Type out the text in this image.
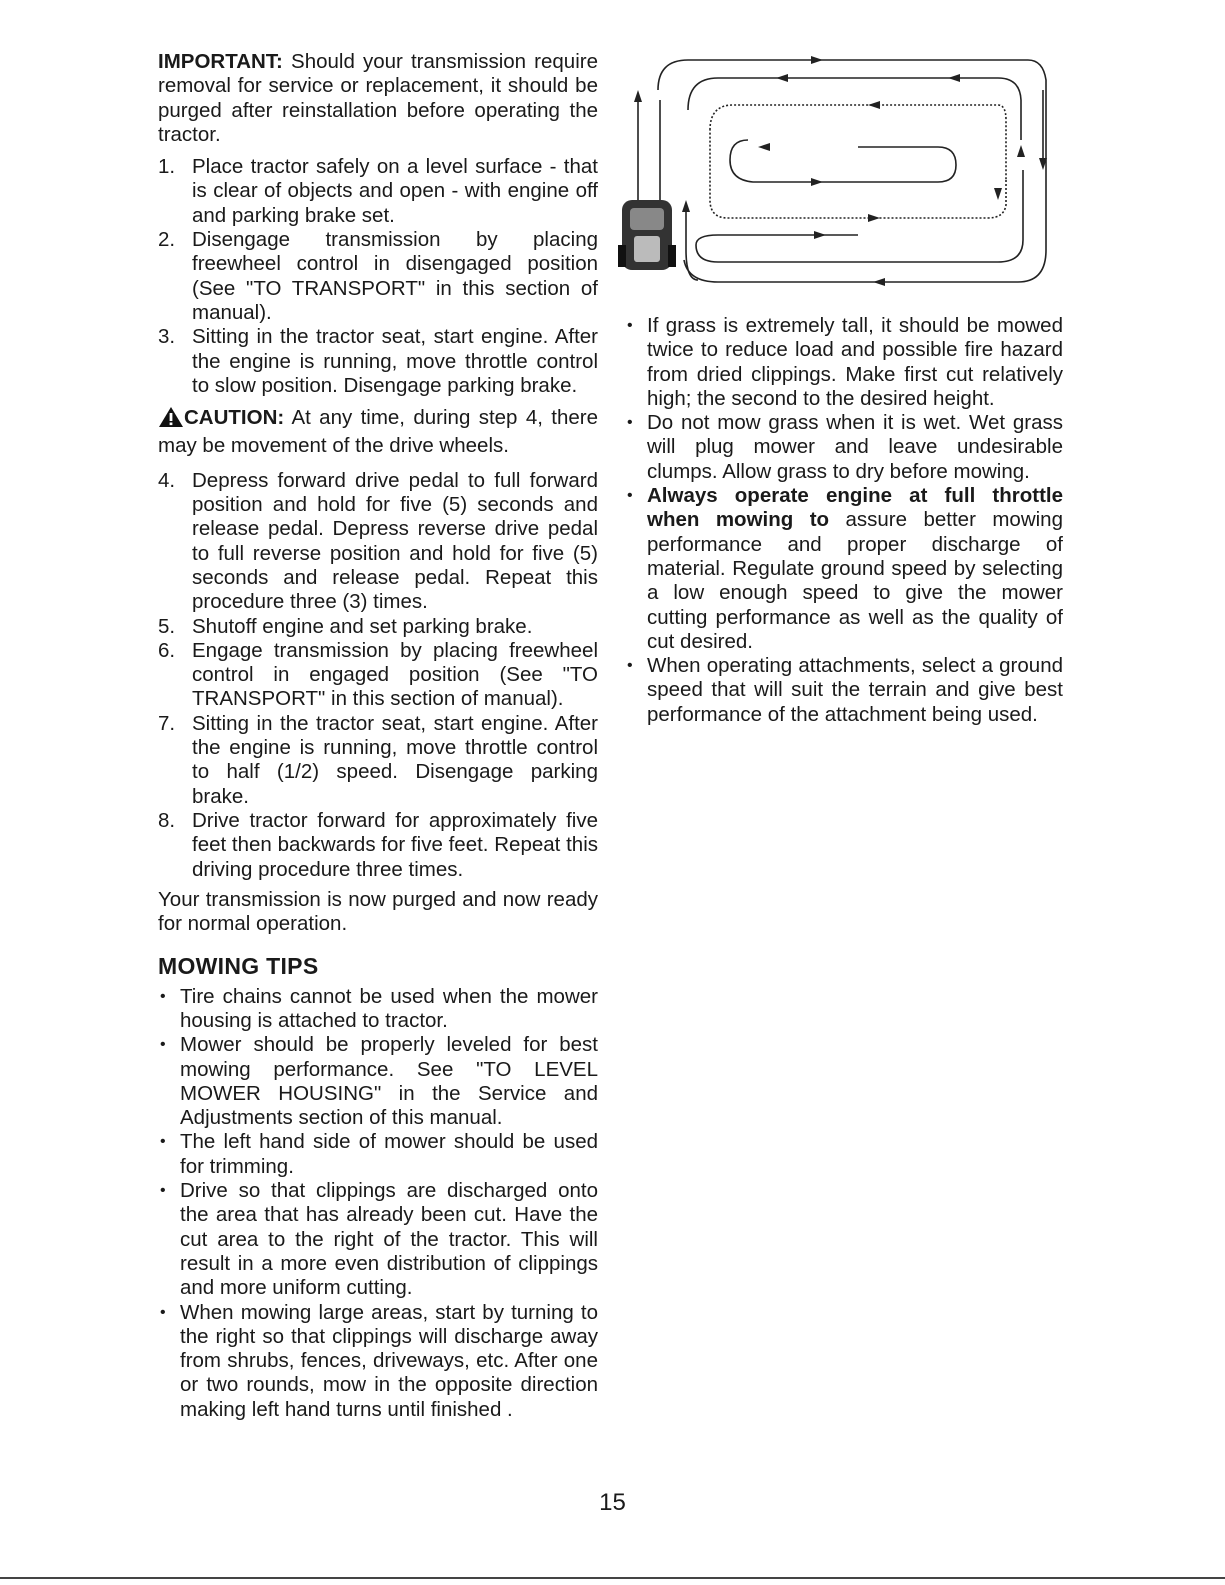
IMPORTANT: Should your transmission require removal for service or replacement, it should be purged after reinstallation before operating the tractor.

1. Place tractor safely on a level surface - that is clear of objects and open - with engine off and parking brake set.
2. Disengage transmission by placing freewheel control in disengaged position (See "TO TRANSPORT" in this section of manual).
3. Sitting in the tractor seat, start engine. After the engine is running, move throttle control to slow position. Disengage parking brake.

CAUTION: At any time, during step 4, there may be movement of the drive wheels.

4. Depress forward drive pedal to full forward position and hold for five (5) seconds and release pedal. Depress reverse drive pedal to full reverse position and hold for five (5) seconds and release pedal. Repeat this procedure three (3) times.
5. Shutoff engine and set parking brake.
6. Engage transmission by placing freewheel control in engaged position (See "TO TRANSPORT" in this section of manual).
7. Sitting in the tractor seat, start engine. After the engine is running, move throttle control to half (1/2) speed. Disengage parking brake.
8. Drive tractor forward for approximately five feet then backwards for five feet. Repeat this driving procedure three times.

Your transmission is now purged and now ready for normal operation.

MOWING TIPS
• Tire chains cannot be used when the mower housing is attached to tractor.
• Mower should be properly leveled for best mowing performance. See "TO LEVEL MOWER HOUSING" in the Service and Adjustments section of this manual.
• The left hand side of mower should be used for trimming.
• Drive so that clippings are discharged onto the area that has already been cut. Have the cut area to the right of the tractor. This will result in a more even distribution of clippings and more uniform cutting.
• When mowing large areas, start by turning to the right so that clippings will discharge away from shrubs, fences, driveways, etc. After one or two rounds, mow in the opposite direction making left hand turns until finished .
• If grass is extremely tall, it should be mowed twice to reduce load and possible fire hazard from dried clippings. Make first cut relatively high; the second to the desired height.
• Do not mow grass when it is wet. Wet grass will plug mower and leave undesirable clumps. Allow grass to dry before mowing.
• Always operate engine at full throttle when mowing to assure better mowing performance and proper discharge of material. Regulate ground speed by selecting a low enough speed to give the mower cutting performance as well as the quality of cut desired.
• When operating attachments, select a ground speed that will suit the terrain and give best performance of the attachment being used.
15
